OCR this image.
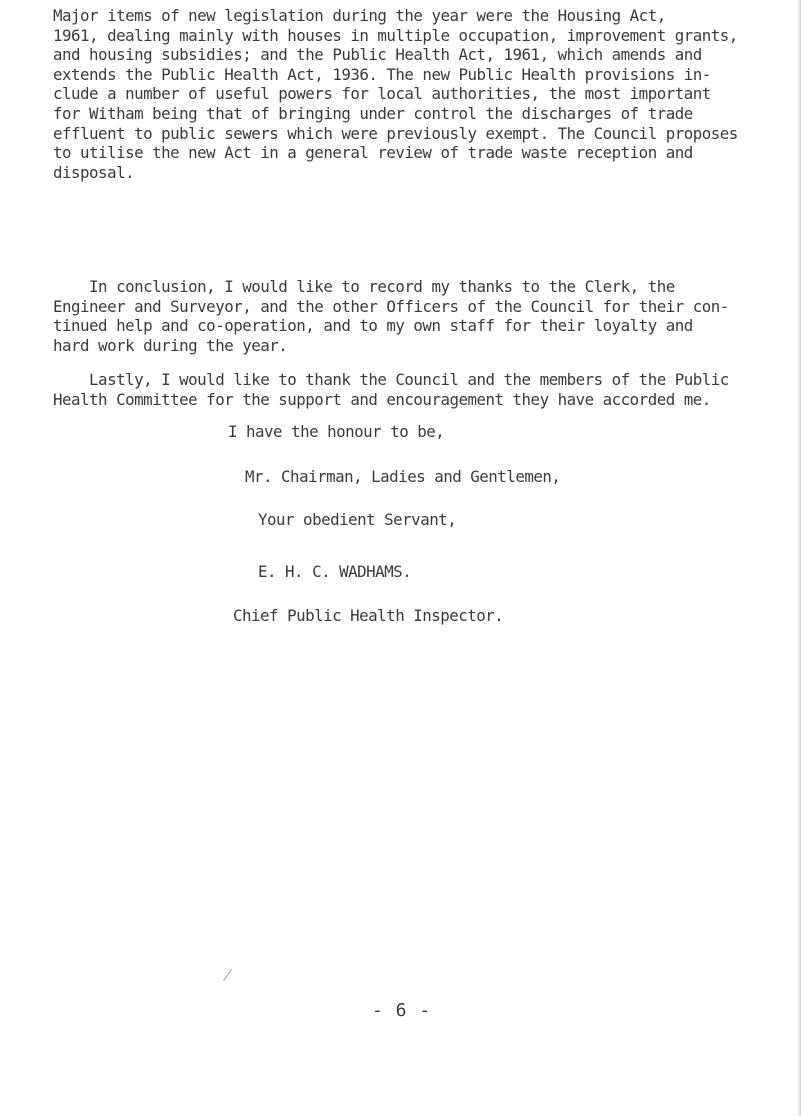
Major items of new legislation during the year were the Housing Act,
1961, dealing mainly with houses in multiple occupation, improvement grants,
and housing subsidies; and the Public Health Act, 1961, which amends and
extends the Public Health Act, 1936. The new Public Health provisions in-
clude a number of useful powers for local authorities, the most important
for Witham being that of bringing under control the discharges of trade
effluent to public sewers which were previously exempt. The Council proposes
to utilise the new Act in a general review of trade waste reception and
disposal.

In conclusion, I would like to record my thanks to the Clerk, the
Engineer and Surveyor, and the other Officers of the Council for their con-
tinued help and co-operation, and to my own staff for their loyalty and
hard work during the year.

Lastly, I would like to thank the Council and the members of the Public
Health Committee for the support and encouragement they have accorded me.

I have the honour to be,
Mr. Chairman, Ladies and Gentlemen,
Your obedient Servant,
E. H. C. WADHAMS.
Chief Public Health Inspector.
- 6 -
